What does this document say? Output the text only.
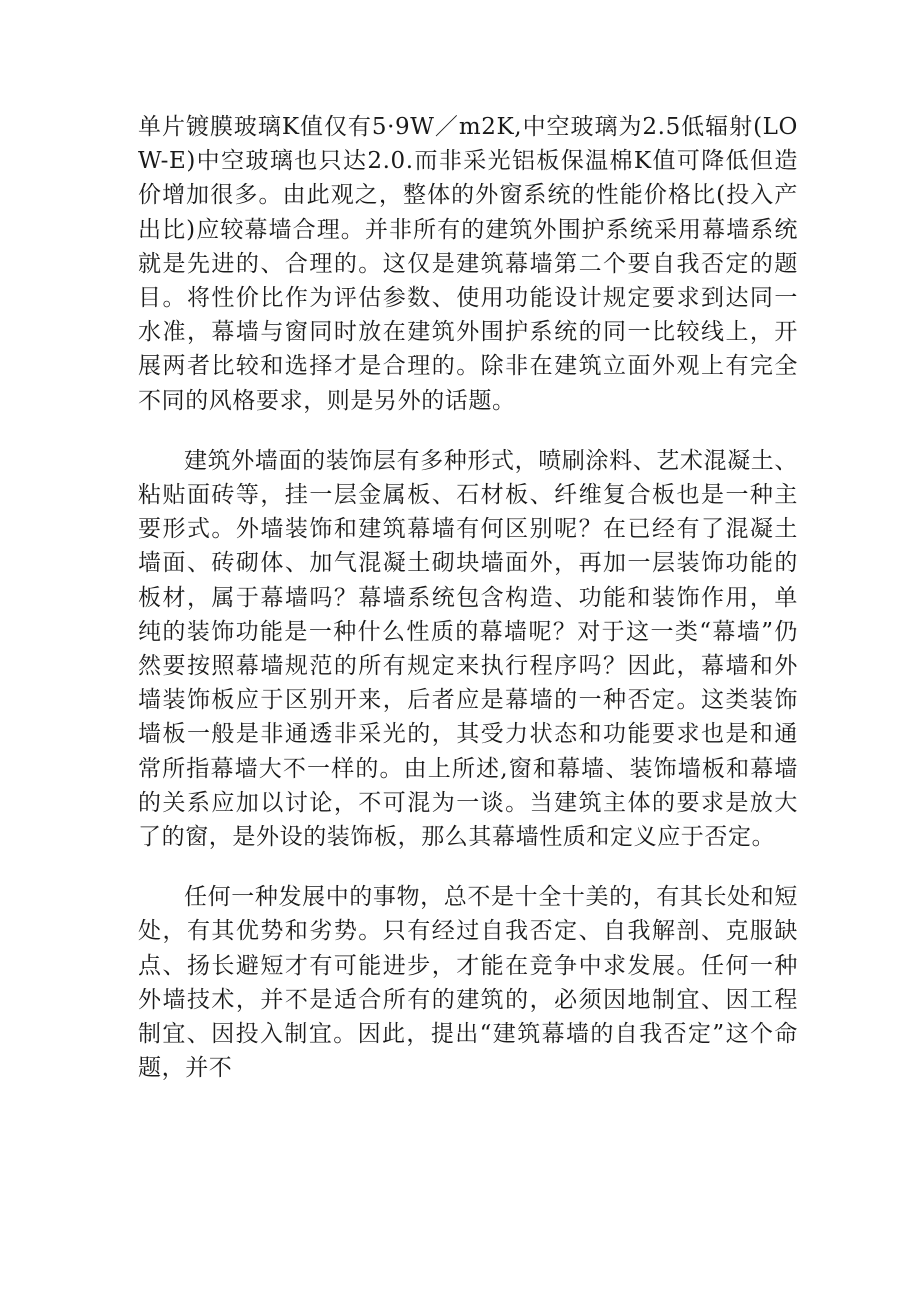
单片镀膜玻璃K值仅有5·9W／m2K,中空玻璃为2.5低辐射(LOW-E)中空玻璃也只达2.0.而非采光铝板保温棉K值可降低但造价增加很多。由此观之，整体的外窗系统的性能价格比(投入产出比)应较幕墙合理。并非所有的建筑外围护系统采用幕墙系统就是先进的、合理的。这仅是建筑幕墙第二个要自我否定的题目。将性价比作为评估参数、使用功能设计规定要求到达同一水准，幕墙与窗同时放在建筑外围护系统的同一比较线上，开展两者比较和选择才是合理的。除非在建筑立面外观上有完全不同的风格要求，则是另外的话题。

建筑外墙面的装饰层有多种形式，喷刷涂料、艺术混凝土、粘贴面砖等，挂一层金属板、石材板、纤维复合板也是一种主要形式。外墙装饰和建筑幕墙有何区别呢？在已经有了混凝土墙面、砖砌体、加气混凝土砌块墙面外，再加一层装饰功能的板材，属于幕墙吗？幕墙系统包含构造、功能和装饰作用，单纯的装饰功能是一种什么性质的幕墙呢？对于这一类“幕墙”仍然要按照幕墙规范的所有规定来执行程序吗？因此，幕墙和外墙装饰板应于区别开来，后者应是幕墙的一种否定。这类装饰墙板一般是非通透非采光的，其受力状态和功能要求也是和通常所指幕墙大不一样的。由上所述,窗和幕墙、装饰墙板和幕墙的关系应加以讨论，不可混为一谈。当建筑主体的要求是放大了的窗，是外设的装饰板，那么其幕墙性质和定义应于否定。

任何一种发展中的事物，总不是十全十美的，有其长处和短处，有其优势和劣势。只有经过自我否定、自我解剖、克服缺点、扬长避短才有可能进步，才能在竞争中求发展。任何一种外墙技术，并不是适合所有的建筑的，必须因地制宜、因工程制宜、因投入制宜。因此，提出“建筑幕墙的自我否定”这个命题，并不
